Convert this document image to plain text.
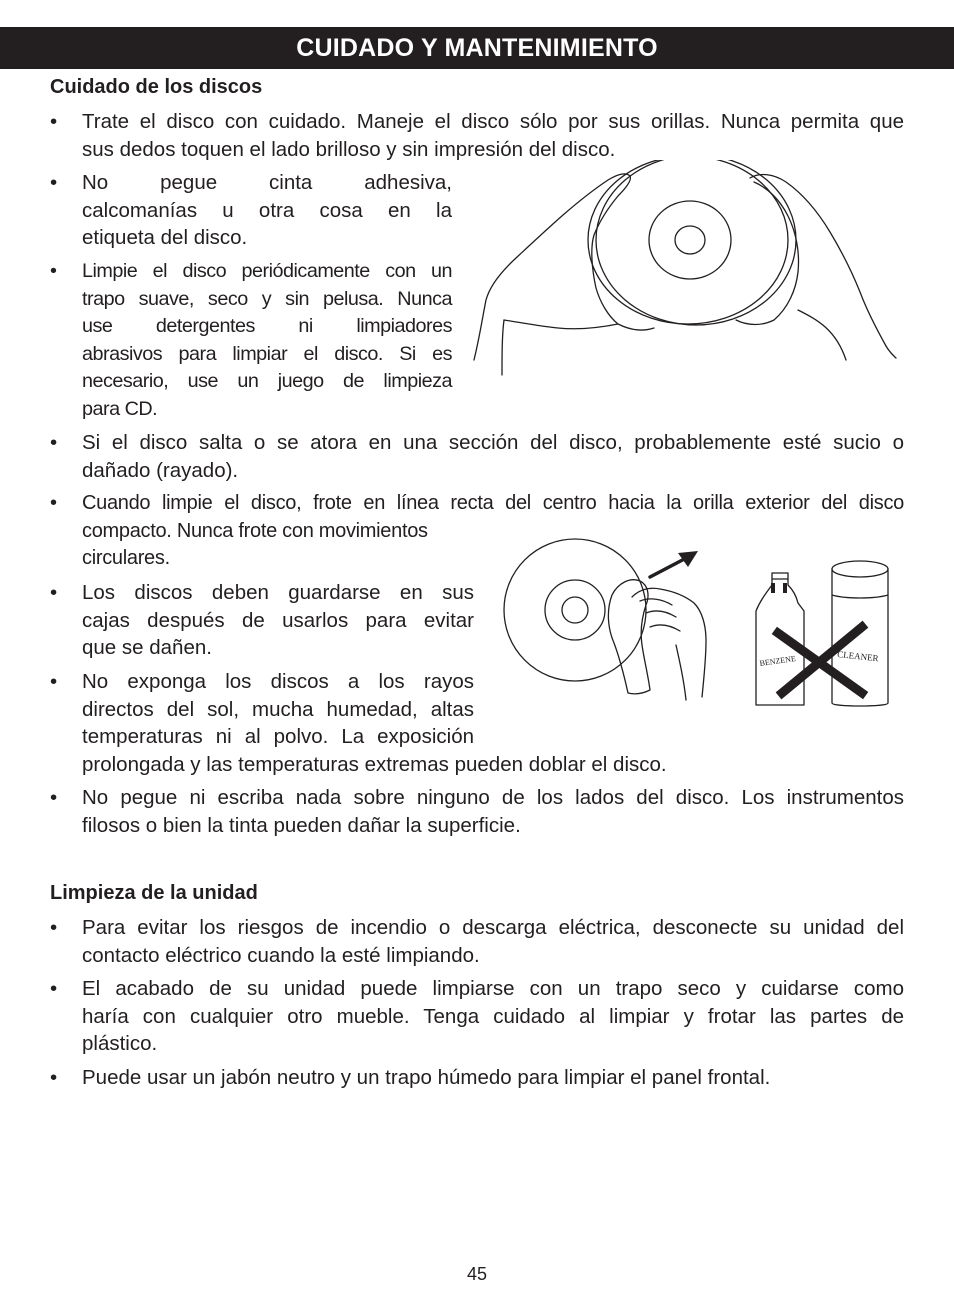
CUIDADO Y MANTENIMIENTO
Cuidado de los discos
• Trate el disco con cuidado. Maneje el disco sólo por sus orillas. Nunca permita que
sus dedos toquen el lado brilloso y sin impresión del disco.
• No pegue cinta adhesiva,
calcomanías u otra cosa en la
etiqueta del disco.
• Limpie el disco periódicamente con un
trapo suave, seco y sin pelusa. Nunca
use detergentes ni limpiadores
abrasivos para limpiar el disco. Si es
necesario, use un juego de limpieza
para CD.
• Si el disco salta o se atora en una sección del disco, probablemente esté sucio o
dañado (rayado).
• Cuando limpie el disco, frote en línea recta del centro hacia la orilla exterior del disco
compacto. Nunca frote con movimientos
circulares.
• Los discos deben guardarse en sus
cajas después de usarlos para evitar
que se dañen.
• No exponga los discos a los rayos
directos del sol, mucha humedad, altas
temperaturas ni al polvo. La exposición
prolongada y las temperaturas extremas pueden doblar el disco.
BENZENE	CLEANER
• No pegue ni escriba nada sobre ninguno de los lados del disco. Los instrumentos
filosos o bien la tinta pueden dañar la superficie.
Limpieza de la unidad
• Para evitar los riesgos de incendio o descarga eléctrica, desconecte su unidad del
contacto eléctrico cuando la esté limpiando.
• El acabado de su unidad puede limpiarse con un trapo seco y cuidarse como
haría con cualquier otro mueble. Tenga cuidado al limpiar y frotar las partes de
plástico.
• Puede usar un jabón neutro y un trapo húmedo para limpiar el panel frontal.
45
